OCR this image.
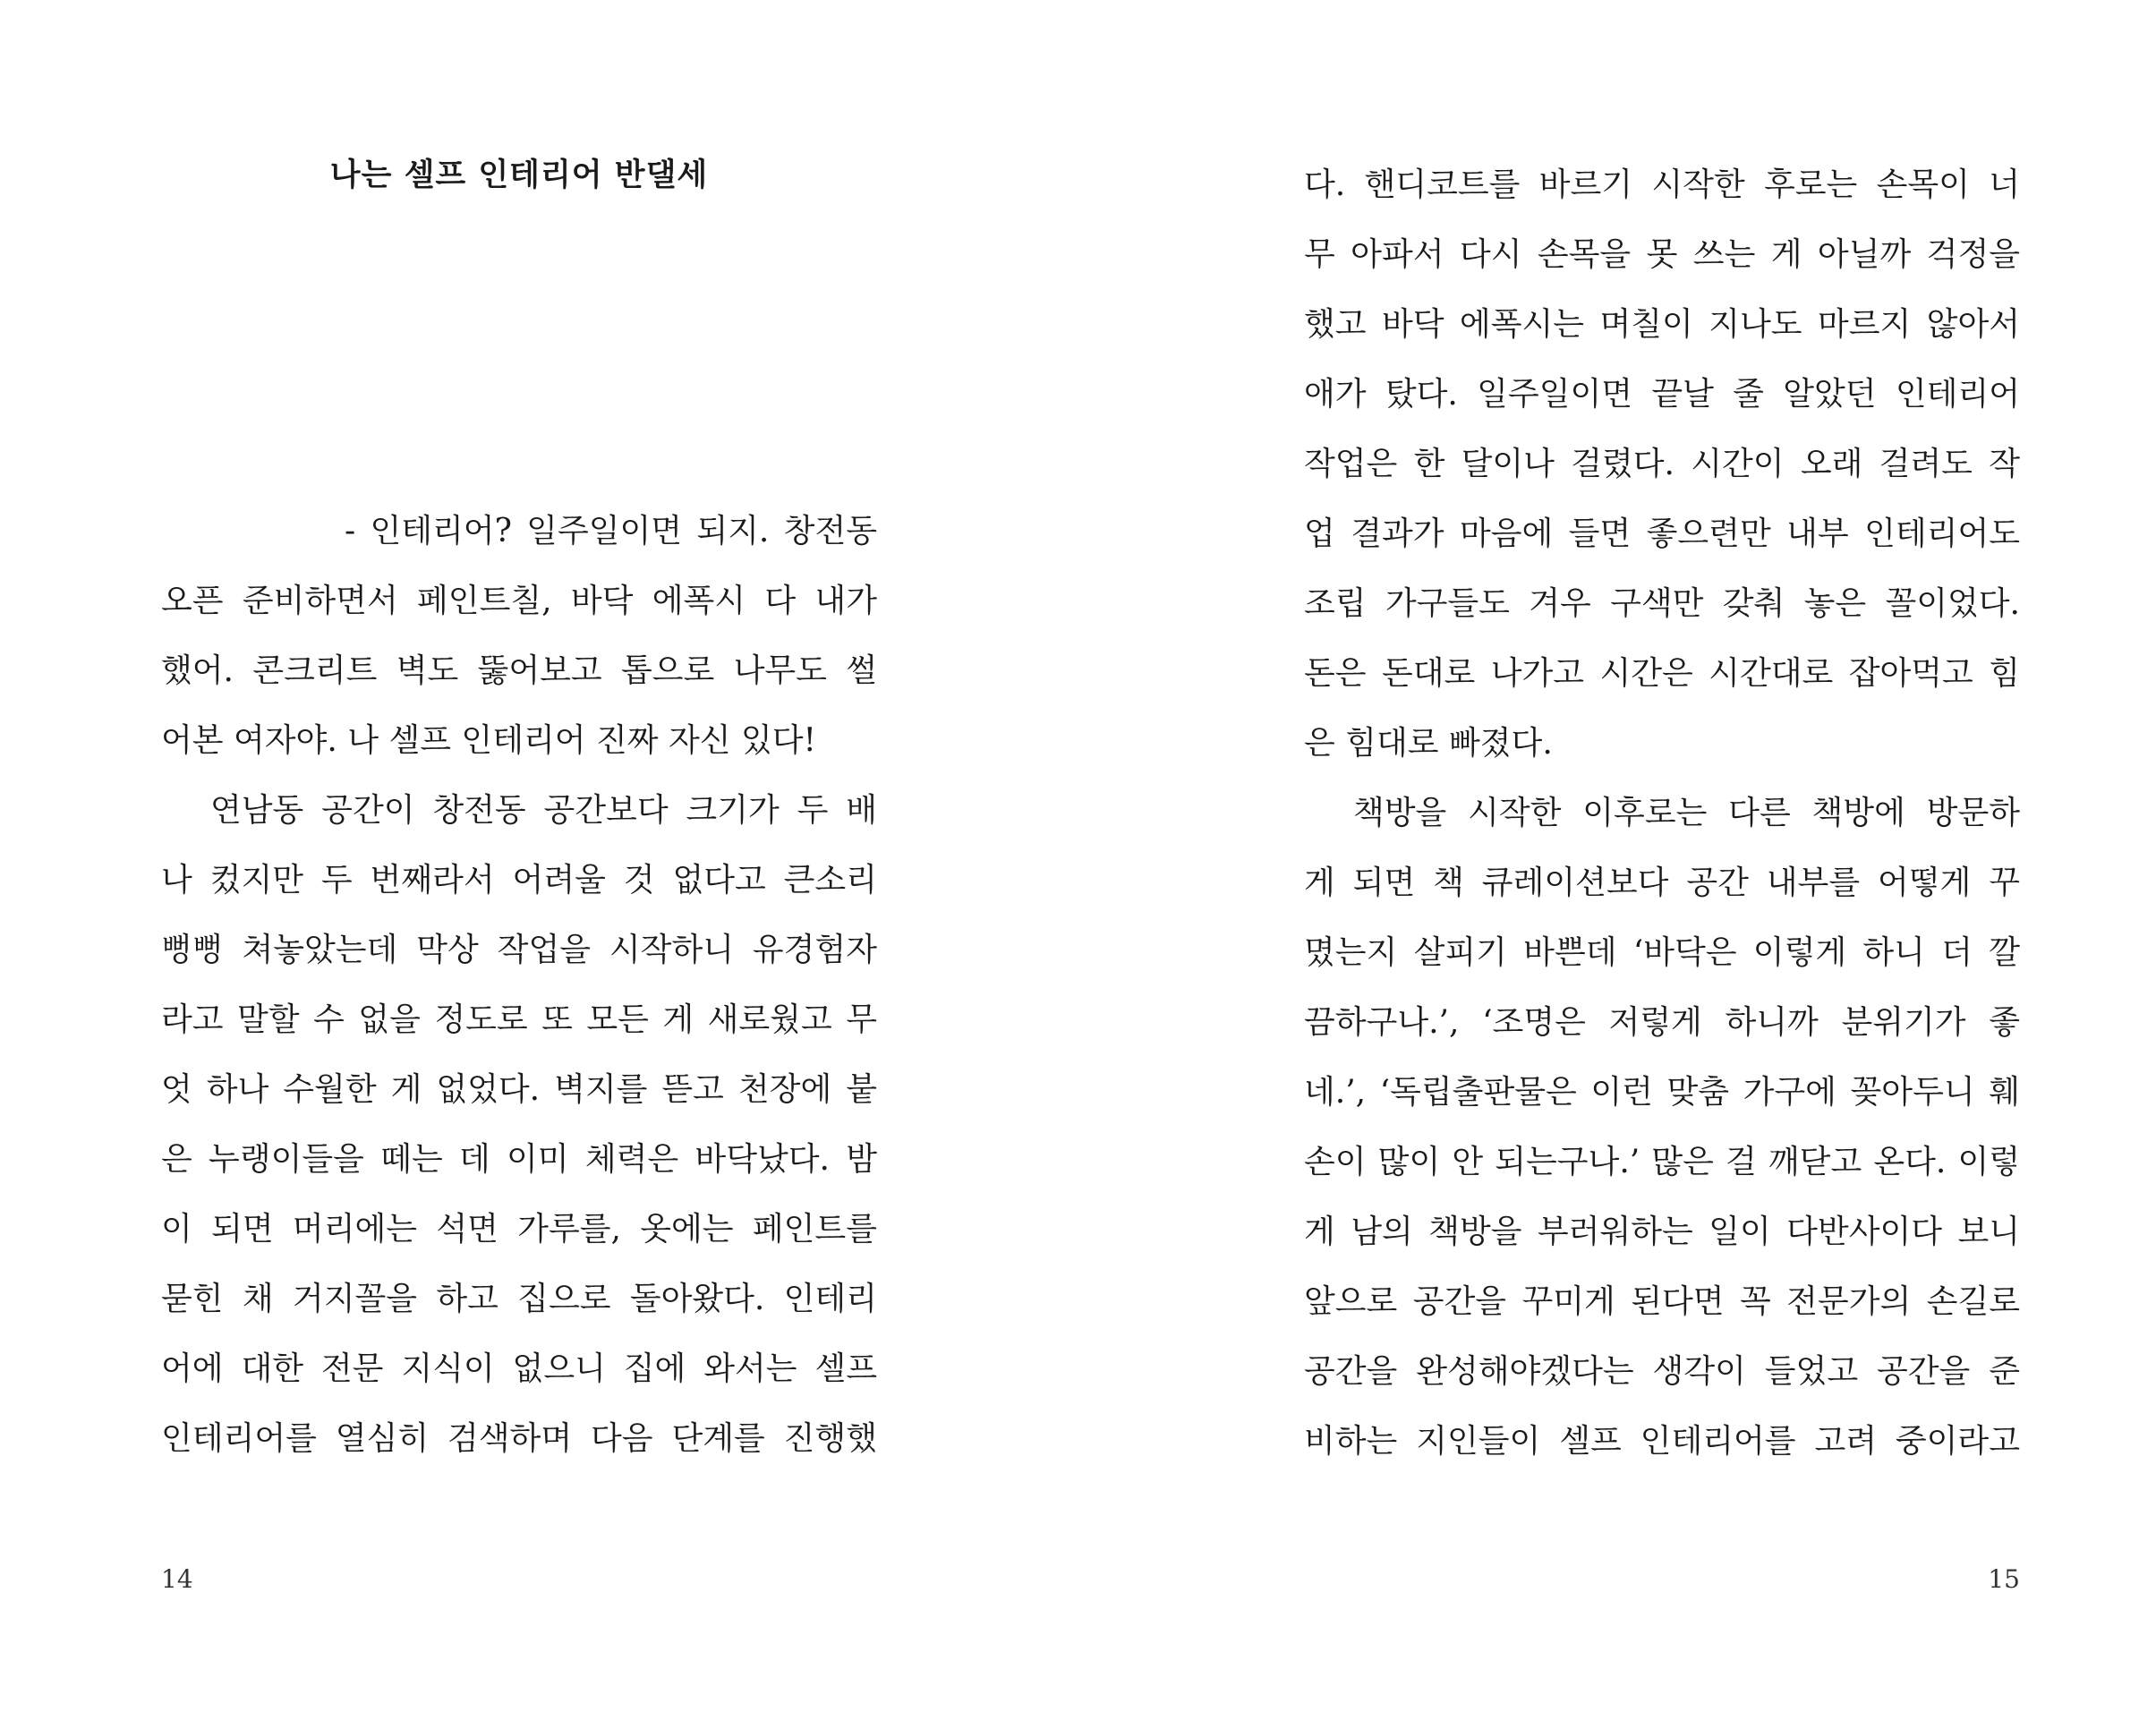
나는 셀프 인테리어 반댈세
- 인테리어? 일주일이면 되지. 창전동
오픈 준비하면서 페인트칠, 바닥 에폭시 다 내가
했어. 콘크리트 벽도 뚫어보고 톱으로 나무도 썰
어본 여자야. 나 셀프 인테리어 진짜 자신 있다!
연남동 공간이 창전동 공간보다 크기가 두 배
나 컸지만 두 번째라서 어려울 것 없다고 큰소리
뻥뻥 쳐놓았는데 막상 작업을 시작하니 유경험자
라고 말할 수 없을 정도로 또 모든 게 새로웠고 무
엇 하나 수월한 게 없었다. 벽지를 뜯고 천장에 붙
은 누랭이들을 떼는 데 이미 체력은 바닥났다. 밤
이 되면 머리에는 석면 가루를, 옷에는 페인트를
묻힌 채 거지꼴을 하고 집으로 돌아왔다. 인테리
어에 대한 전문 지식이 없으니 집에 와서는 셀프
인테리어를 열심히 검색하며 다음 단계를 진행했
14
다. 핸디코트를 바르기 시작한 후로는 손목이 너
무 아파서 다시 손목을 못 쓰는 게 아닐까 걱정을
했고 바닥 에폭시는 며칠이 지나도 마르지 않아서
애가 탔다. 일주일이면 끝날 줄 알았던 인테리어
작업은 한 달이나 걸렸다. 시간이 오래 걸려도 작
업 결과가 마음에 들면 좋으련만 내부 인테리어도
조립 가구들도 겨우 구색만 갖춰 놓은 꼴이었다.
돈은 돈대로 나가고 시간은 시간대로 잡아먹고 힘
은 힘대로 빠졌다.
책방을 시작한 이후로는 다른 책방에 방문하
게 되면 책 큐레이션보다 공간 내부를 어떻게 꾸
몄는지 살피기 바쁜데 ‘바닥은 이렇게 하니 더 깔
끔하구나.’, ‘조명은 저렇게 하니까 분위기가 좋
네.’, ‘독립출판물은 이런 맞춤 가구에 꽂아두니 훼
손이 많이 안 되는구나.’ 많은 걸 깨닫고 온다. 이렇
게 남의 책방을 부러워하는 일이 다반사이다 보니
앞으로 공간을 꾸미게 된다면 꼭 전문가의 손길로
공간을 완성해야겠다는 생각이 들었고 공간을 준
비하는 지인들이 셀프 인테리어를 고려 중이라고
15
